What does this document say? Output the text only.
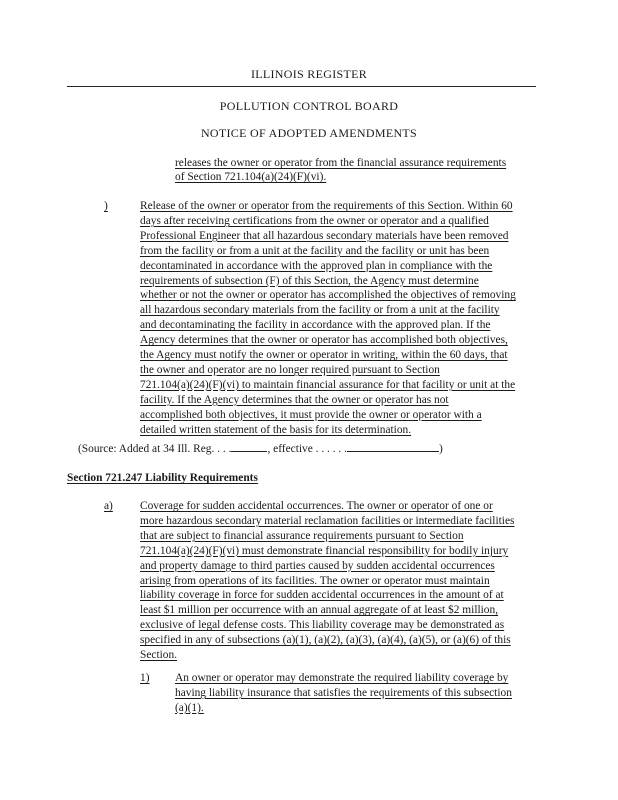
ILLINOIS REGISTER
POLLUTION CONTROL BOARD
NOTICE OF ADOPTED AMENDMENTS
releases the owner or operator from the financial assurance requirements
of Section 721.104(a)(24)(F)(vi).
)	Release of the owner or operator from the requirements of this Section. Within 60
days after receiving certifications from the owner or operator and a qualified
Professional Engineer that all hazardous secondary materials have been removed
from the facility or from a unit at the facility and the facility or unit has been
decontaminated in accordance with the approved plan in compliance with the
requirements of subsection (F) of this Section, the Agency must determine
whether or not the owner or operator has accomplished the objectives of removing
all hazardous secondary materials from the facility or from a unit at the facility
and decontaminating the facility in accordance with the approved plan. If the
Agency determines that the owner or operator has accomplished both objectives,
the Agency must notify the owner or operator in writing, within the 60 days, that
the owner and operator are no longer required pursuant to Section
721.104(a)(24)(F)(vi) to maintain financial assurance for that facility or unit at the
facility. If the Agency determines that the owner or operator has not
accomplished both objectives, it must provide the owner or operator with a
detailed written statement of the basis for its determination.
(Source: Added at 34 Ill. Reg. . . .	, effective . . . . . .	)
Section 721.247 Liability Requirements
a) Coverage for sudden accidental occurrences. The owner or operator of one or
more hazardous secondary material reclamation facilities or intermediate facilities
that are subject to financial assurance requirements pursuant to Section
721.104(a)(24)(F)(vi) must demonstrate financial responsibility for bodily injury
and property damage to third parties caused by sudden accidental occurrences
arising from operations of its facilities. The owner or operator must maintain
liability coverage in force for sudden accidental occurrences in the amount of at
least $1 million per occurrence with an annual aggregate of at least $2 million,
exclusive of legal defense costs. This liability coverage may be demonstrated as
specified in any of subsections (a)(1), (a)(2), (a)(3), (a)(4), (a)(5), or (a)(6) of this
Section.
1) An owner or operator may demonstrate the required liability coverage by
having liability insurance that satisfies the requirements of this subsection
(a)(1).
